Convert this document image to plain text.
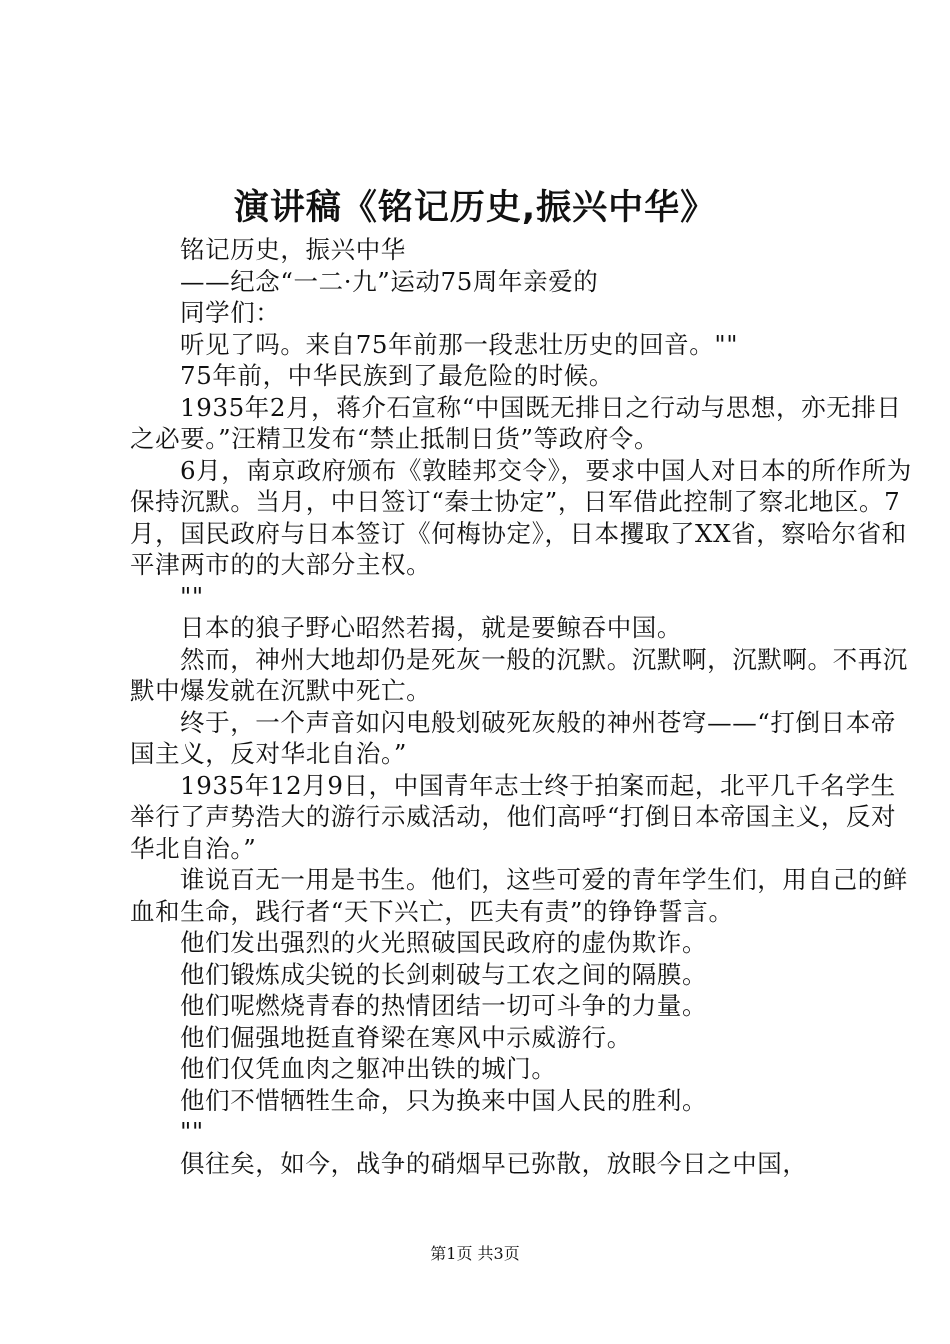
演讲稿《铭记历史,振兴中华》

铭记历史，振兴中华

——纪念“一二·九”运动75周年亲爱的

同学们：

听见了吗。来自75年前那一段悲壮历史的回音。""

75年前，中华民族到了最危险的时候。

1935年2月，蒋介石宣称“中国既无排日之行动与思想，亦无排日之必要。”汪精卫发布“禁止抵制日货”等政府令。

6月，南京政府颁布《敦睦邦交令》，要求中国人对日本的所作所为保持沉默。当月，中日签订“秦士协定”，日军借此控制了察北地区。7月，国民政府与日本签订《何梅协定》，日本攫取了XX省，察哈尔省和平津两市的的大部分主权。

""

日本的狼子野心昭然若揭，就是要鲸吞中国。

然而，神州大地却仍是死灰一般的沉默。沉默啊，沉默啊。不再沉默中爆发就在沉默中死亡。

终于，一个声音如闪电般划破死灰般的神州苍穹——“打倒日本帝国主义，反对华北自治。”

1935年12月9日，中国青年志士终于拍案而起，北平几千名学生举行了声势浩大的游行示威活动，他们高呼“打倒日本帝国主义，反对华北自治。”

谁说百无一用是书生。他们，这些可爱的青年学生们，用自己的鲜血和生命，践行者“天下兴亡，匹夫有责”的铮铮誓言。

他们发出强烈的火光照破国民政府的虚伪欺诈。

他们锻炼成尖锐的长剑刺破与工农之间的隔膜。

他们呢燃烧青春的热情团结一切可斗争的力量。

他们倔强地挺直脊梁在寒风中示威游行。

他们仅凭血肉之躯冲出铁的城门。

他们不惜牺牲生命，只为换来中国人民的胜利。

""

俱往矣，如今，战争的硝烟早已弥散，放眼今日之中国，

第1页 共3页
